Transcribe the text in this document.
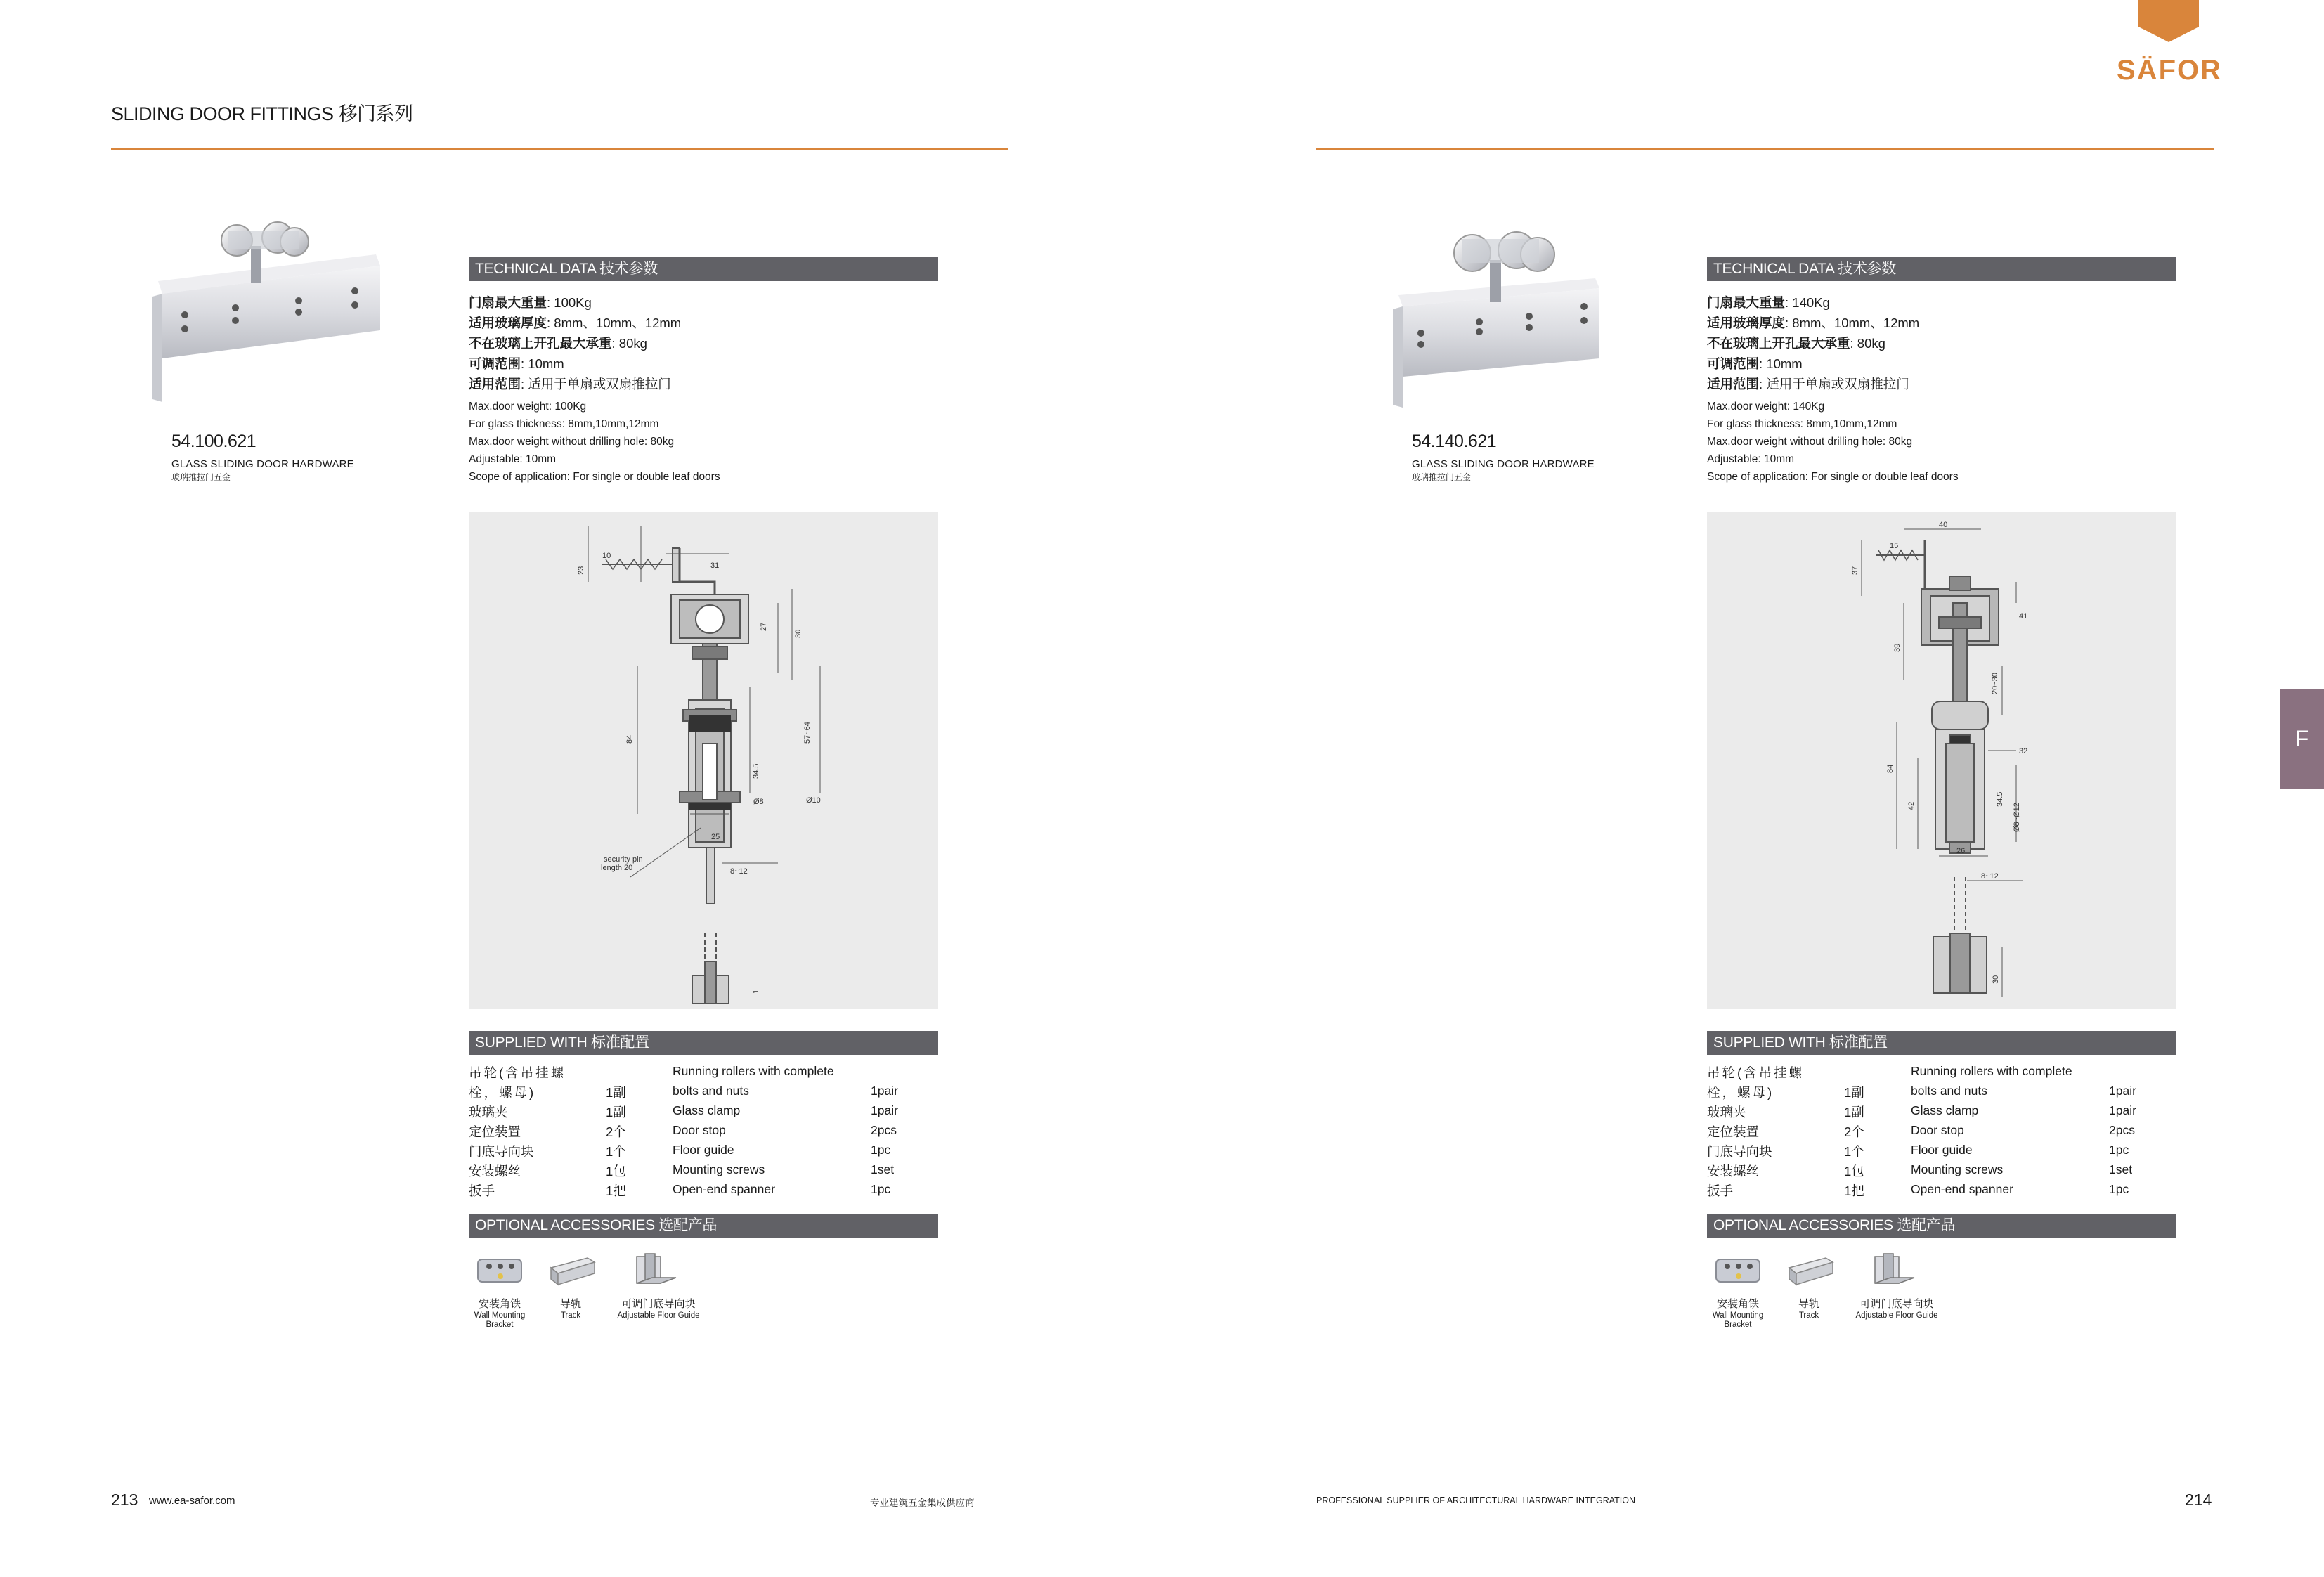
SLIDING DOOR FITTINGS 移门系列
SÄFOR
F
54.100.621
GLASS SLIDING DOOR HARDWARE
玻璃推拉门五金
TECHNICAL DATA 技术参数
门扇最大重量: 100Kg
适用玻璃厚度: 8mm、10mm、12mm
不在玻璃上开孔最大承重: 80kg
可调范围: 10mm
适用范围: 适用于单扇或双扇推拉门
Max.door weight: 100Kg
For glass thickness: 8mm,10mm,12mm
Max.door weight without drilling hole: 80kg
Adjustable: 10mm
Scope of application: For single or double leaf doors
10
23
31
27
30
84	57~64
34.5
Ø8	Ø10
25
security pin
length 20	8~12
1
SUPPLIED WITH 标准配置
吊轮(含吊挂螺	Running rollers with complete
栓，螺母)	1副	bolts and nuts	1pair
玻璃夹	1副	Glass clamp	1pair
定位装置	2个	Door stop	2pcs
门底导向块	1个	Floor guide	1pc
安装螺丝	1包	Mounting screws	1set
扳手	1把	Open-end spanner	1pc
OPTIONAL ACCESSORIES 选配产品
安装角铁
Wall Mounting
Bracket
导轨
Track
可调门底导向块
Adjustable Floor Guide
54.140.621
GLASS SLIDING DOOR HARDWARE
玻璃推拉门五金
TECHNICAL DATA 技术参数
门扇最大重量: 140Kg
适用玻璃厚度: 8mm、10mm、12mm
不在玻璃上开孔最大承重: 80kg
可调范围: 10mm
适用范围: 适用于单扇或双扇推拉门
Max.door weight: 140Kg
For glass thickness: 8mm,10mm,12mm
Max.door weight without drilling hole: 80kg
Adjustable: 10mm
Scope of application: For single or double leaf doors
40
15
37
41
39
20~30
32
84
42	34.5
Ø8~Ø12
26
8~12
30
SUPPLIED WITH 标准配置
吊轮(含吊挂螺	Running rollers with complete
栓，螺母)	1副	bolts and nuts	1pair
玻璃夹	1副	Glass clamp	1pair
定位装置	2个	Door stop	2pcs
门底导向块	1个	Floor guide	1pc
安装螺丝	1包	Mounting screws	1set
扳手	1把	Open-end spanner	1pc
OPTIONAL ACCESSORIES 选配产品
安装角铁
Wall Mounting
Bracket
导轨
Track
可调门底导向块
Adjustable Floor Guide
213 www.ea-safor.com	专业建筑五金集成供应商	PROFESSIONAL SUPPLIER OF ARCHITECTURAL HARDWARE INTEGRATION	214
